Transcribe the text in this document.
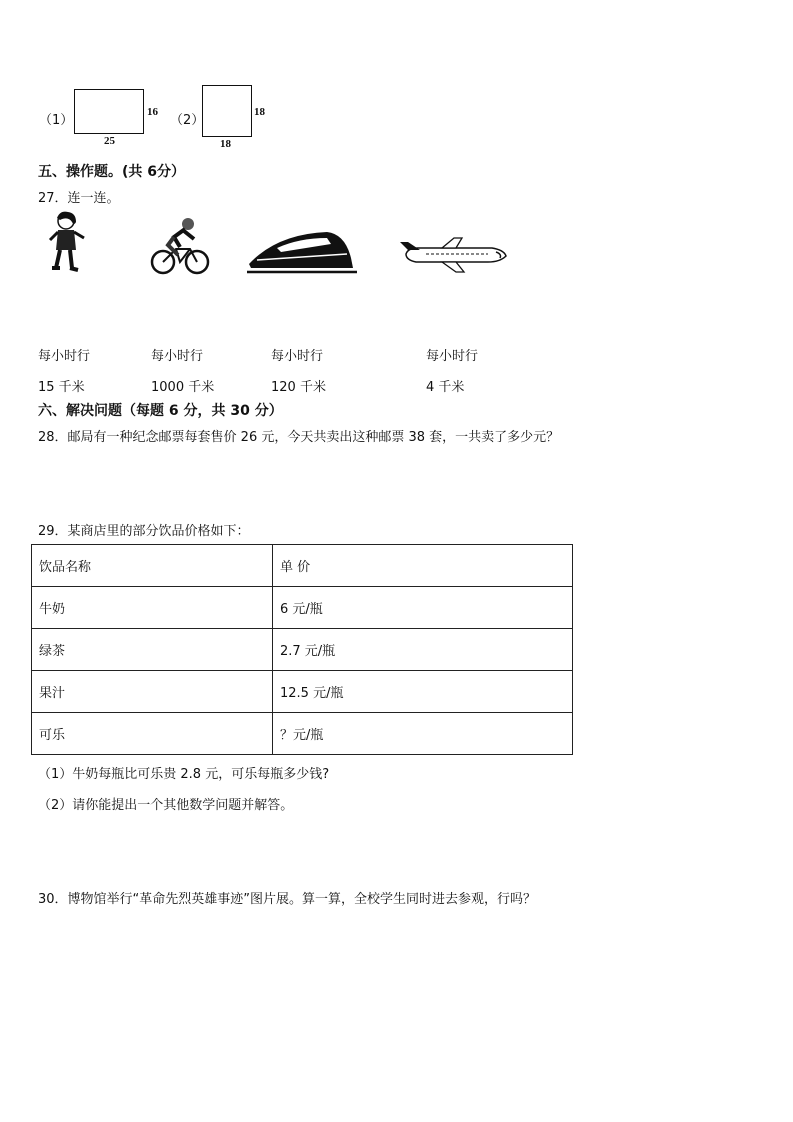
（1）
16
25
（2）
18
18
五、操作题。(共 6分）
27．连一连。
每小时行	每小时行	每小时行	每小时行
15 千米	1000 千米	120 千米	4 千米
六、解决问题（每题 6 分，共 30 分）
28．邮局有一种纪念邮票每套售价 26 元，今天共卖出这种邮票 38 套，一共卖了多少元？
29．某商店里的部分饮品价格如下：
饮品名称	单 价
牛奶	6 元/瓶
绿茶	2.7 元/瓶
果汁	12.5 元/瓶
可乐	？元/瓶
（1）牛奶每瓶比可乐贵 2.8 元，可乐每瓶多少钱?
（2）请你能提出一个其他数学问题并解答。
30．博物馆举行“革命先烈英雄事迹”图片展。算一算，全校学生同时进去参观，行吗？
